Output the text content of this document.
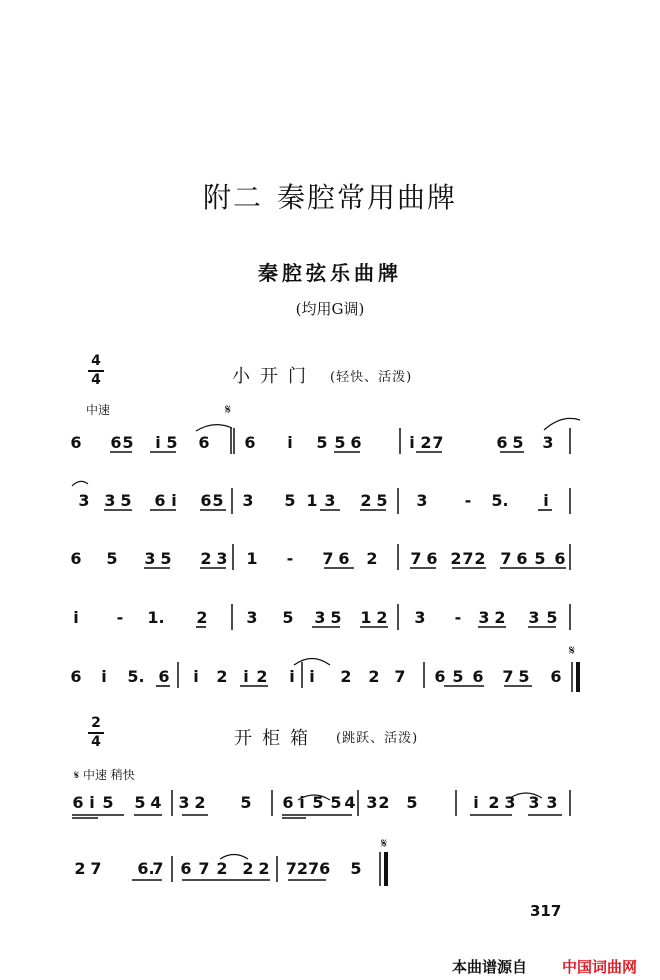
附二 秦腔常用曲牌
秦腔弦乐曲牌
(均用G调)
4
4	小开门 (轻快、活泼)
中速
2
4	开柜箱 (跳跃、活泼)
𝄋 中速 稍快
𝄋
𝄋
𝄋
6 6 5 i 5 6 6 i 5 5 6	i 2 7	6 5 3
3 3 5 6 i 6 5 3 5 1 3 2 5 3 - 5. i
6 5 3 5 2 3 1 - 7 6 2 7 6 2 7 2 7 6 5 6
i - 1. 2 3 5 3 5 1 2 3 - 3 2 3 5
6 i 5. 6 i 2 i 2 i i 2 2 7 6 5 6 7 5 6
6 i 5 5 4 3 2 5 6 i 5 5 4 3 2 5	i 2 3 3 3
2 7 6.
7 6 7 2 2 2 7276 5
317
本曲谱源自 中国词曲网
